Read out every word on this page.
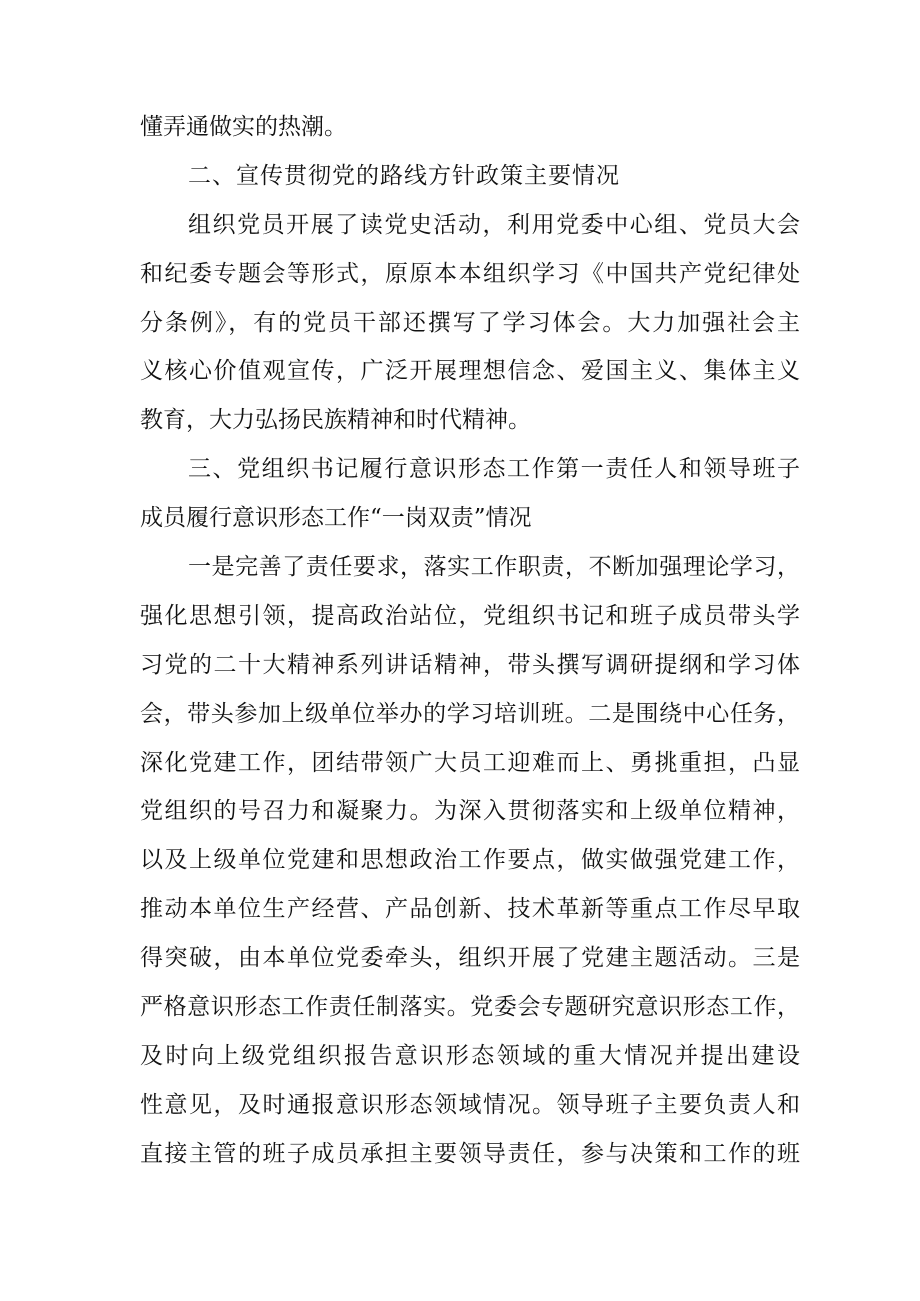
懂弄通做实的热潮。
二、宣传贯彻党的路线方针政策主要情况
组织党员开展了读党史活动，利用党委中心组、党员大会
和纪委专题会等形式，原原本本组织学习《中国共产党纪律处
分条例》，有的党员干部还撰写了学习体会。大力加强社会主
义核心价值观宣传，广泛开展理想信念、爱国主义、集体主义
教育，大力弘扬民族精神和时代精神。
三、党组织书记履行意识形态工作第一责任人和领导班子
成员履行意识形态工作“一岗双责”情况
一是完善了责任要求，落实工作职责，不断加强理论学习，
强化思想引领，提高政治站位，党组织书记和班子成员带头学
习党的二十大精神系列讲话精神，带头撰写调研提纲和学习体
会，带头参加上级单位举办的学习培训班。二是围绕中心任务，
深化党建工作，团结带领广大员工迎难而上、勇挑重担，凸显
党组织的号召力和凝聚力。为深入贯彻落实和上级单位精神，
以及上级单位党建和思想政治工作要点，做实做强党建工作，
推动本单位生产经营、产品创新、技术革新等重点工作尽早取
得突破，由本单位党委牵头，组织开展了党建主题活动。三是
严格意识形态工作责任制落实。党委会专题研究意识形态工作，
及时向上级党组织报告意识形态领域的重大情况并提出建设
性意见，及时通报意识形态领域情况。领导班子主要负责人和
直接主管的班子成员承担主要领导责任，参与决策和工作的班
